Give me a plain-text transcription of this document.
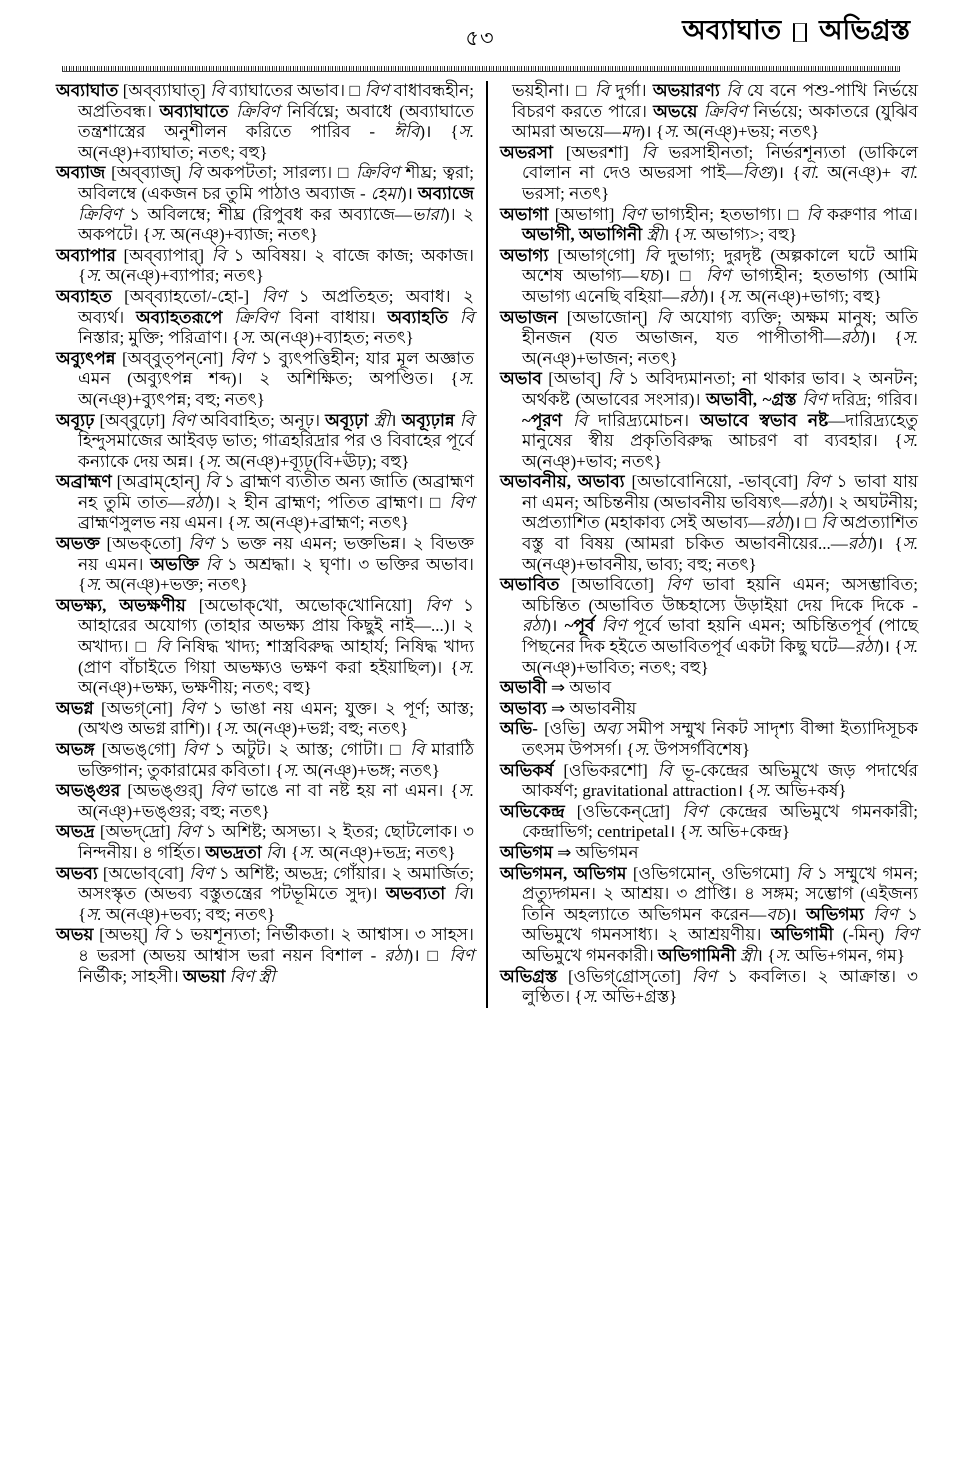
৫৩	অব্যাঘাত অভিগ্রস্ত
অব্যাঘাত [অব্‌ব্যাঘাত্] বি ব্যাঘাতের অভাব। □ বিণ বাধাবন্ধহীন; অপ্রতিবন্ধ। অব্যাঘাতে ক্রিবিণ নির্বিঘ্নে; অবাধে (অব্যাঘাতে তন্ত্রশাস্ত্রের অনুশীলন করিতে পারিব - ঈবি)। {স. অ(নঞ্)+ব্যাঘাত; নতৎ; বহু}
অব্যাজ [অব্‌ব্যাজ্] বি অকপটতা; সারল্য। □ ক্রিবিণ শীঘ্র; ত্বরা; অবিলম্বে (একজন চর তুমি পাঠাও অব্যাজ - হেমা)। অব্যাজে ক্রিবিণ ১ অবিলম্বে; শীঘ্র (রিপুবধ কর অব্যাজে—ভারা)। ২ অকপটে। {স. অ(নঞ্)+ব্যাজ; নতৎ}
অব্যাপার [অব্‌ব্যাপার্] বি ১ অবিষয়। ২ বাজে কাজ; অকাজ। {স. অ(নঞ্)+ব্যাপার; নতৎ}
অব্যাহত [অব্‌ব্যাহতো/-হো-] বিণ ১ অপ্রতিহত; অবাধ। ২ অব্যর্থ। অব্যাহতরূপে ক্রিবিণ বিনা বাধায়। অব্যাহতি বি নিস্তার; মুক্তি; পরিত্রাণ। {স. অ(নঞ্)+ব্যাহত; নতৎ}
অব্যুৎপন্ন [অব্‌বুত্‌পন্‌নো] বিণ ১ ব্যুৎপত্তিহীন; যার মূল অজ্ঞাত এমন (অব্যুৎপন্ন শব্দ)। ২ অশিক্ষিত; অপণ্ডিত। {স. অ(নঞ্)+ব্যুৎপন্ন; বহু; নতৎ}
অব্যূঢ় [অব্‌বুঢ়ো] বিণ অবিবাহিত; অনূঢ়। অব্যূঢ়া স্ত্রী। অব্যূঢ়ান্ন বি হিন্দুসমাজের আইবড় ভাত; গাত্রহরিদ্রার পর ও বিবাহের পূর্বে কন্যাকে দেয় অন্ন। {স. অ(নঞ্)+ব্যূঢ়(বি+ঊঢ়); বহু}
অব্রাহ্মণ [অব্রাম্‌হোন্] বি ১ ব্রাহ্মণ ব্যতীত অন্য জাতি (অব্রাহ্মণ নহ তুমি তাত—রঠা)। ২ হীন ব্রাহ্মণ; পতিত ব্রাহ্মণ। □ বিণ ব্রাহ্মণসুলভ নয় এমন। {স. অ(নঞ্)+ব্রাহ্মণ; নতৎ}
অভক্ত [অভক্‌তো] বিণ ১ ভক্ত নয় এমন; ভক্তভিন্ন। ২ বিভক্ত নয় এমন। অভক্তি বি ১ অশ্রদ্ধা। ২ ঘৃণা। ৩ ভক্তির অভাব। {স. অ(নঞ্)+ভক্ত; নতৎ}
অভক্ষ্য, অভক্ষণীয় [অভোক্‌খো, অভোক্‌খোনিয়ো] বিণ ১ আহারের অযোগ্য (তাহার অভক্ষ্য প্রায় কিছুই নাই—...)। ২ অখাদ্য। □ বি নিষিদ্ধ খাদ্য; শাস্ত্রবিরুদ্ধ আহার্য; নিষিদ্ধ খাদ্য (প্রাণ বাঁচাইতে গিয়া অভক্ষ্যও ভক্ষণ করা হইয়াছিল)। {স. অ(নঞ্)+ভক্ষ্য, ভক্ষণীয়; নতৎ; বহু}
অভগ্ন [অভগ্‌নো] বিণ ১ ভাঙা নয় এমন; যুক্ত। ২ পূর্ণ; আস্ত; (অখণ্ড অভগ্ন রাশি)। {স. অ(নঞ্)+ভগ্ন; বহু; নতৎ}
অভঙ্গ [অভঙ্‌গো] বিণ ১ অটুট। ২ আস্ত; গোটা। □ বি মারাঠি ভক্তিগান; তুকারামের কবিতা। {স. অ(নঞ্)+ভঙ্গ; নতৎ}
অভঙ্গুর [অভঙ্‌গুর্] বিণ ভাঙে না বা নষ্ট হয় না এমন। {স. অ(নঞ্)+ভঙ্গুর; বহু; নতৎ}
অভদ্র [অভদ্‌দ্রো] বিণ ১ অশিষ্ট; অসভ্য। ২ ইতর; ছোটলোক। ৩ নিন্দনীয়। ৪ গর্হিত। অভদ্রতা বি। {স. অ(নঞ্)+ভদ্র; নতৎ}
অভব্য [অভোব্‌বো] বিণ ১ অশিষ্ট; অভদ্র; গোঁয়ার। ২ অমার্জিত; অসংস্কৃত (অভব্য বস্তুতন্ত্রের পটভূমিতে সুদ)। অভব্যতা বি। {স. অ(নঞ্)+ভব্য; বহু; নতৎ}
অভয় [অভয়্] বি ১ ভয়শূন্যতা; নির্ভীকতা। ২ আশ্বাস। ৩ সাহস। ৪ ভরসা (অভয় আশ্বাস ভরা নয়ন বিশাল - রঠা)। □ বিণ নির্ভীক; সাহসী। অভয়া বিণ স্ত্রী
ভয়হীনা। □ বি দুর্গা। অভয়ারণ্য বি যে বনে পশু-পাখি নির্ভয়ে বিচরণ করতে পারে। অভয়ে ক্রিবিণ নির্ভয়ে; অকাতরে (যুঝিব আমরা অভয়ে—মদ)। {স. অ(নঞ্)+ভয়; নতৎ}
অভরসা [অভরশা] বি ভরসাহীনতা; নির্ভরশূন্যতা (ডাকিলে বোলান না দেও অভরসা পাই—বিগু)। {বা. অ(নঞ্)+ বা. ভরসা; নতৎ}
অভাগা [অভাগা] বিণ ভাগ্যহীন; হতভাগ্য। □ বি করুণার পাত্র। অভাগী, অভাগিনী স্ত্রী। {স. অভাগ্য>; বহু}
অভাগ্য [অভাগ্‌গো] বি দুভাগ্য; দুরদৃষ্ট (অল্পকালে ঘটে আমি অশেষ অভাগ্য—ঘচ)। □ বিণ ভাগ্যহীন; হতভাগ্য (আমি অভাগ্য এনেছি বহিয়া—রঠা)। {স. অ(নঞ্)+ভাগ্য; বহু}
অভাজন [অভাজোন্] বি অযোগ্য ব্যক্তি; অক্ষম মানুষ; অতি হীনজন (যত অভাজন, যত পাপীতাপী—রঠা)। {স. অ(নঞ্)+ভাজন; নতৎ}
অভাব [অভাব্] বি ১ অবিদ্যমানতা; না থাকার ভাব। ২ অনটন; অর্থকষ্ট (অভাবের সংসার)। অভাবী, ~গ্রস্ত বিণ দরিদ্র; গরিব। ~পূরণ বি দারিদ্র্যমোচন। অভাবে স্বভাব নষ্ট—দারিদ্র্যহেতু মানুষের স্বীয় প্রকৃতিবিরুদ্ধ আচরণ বা ব্যবহার। {স. অ(নঞ্)+ভাব; নতৎ}
অভাবনীয়, অভাব্য [অভাবোনিয়ো, -ভাব্‌বো] বিণ ১ ভাবা যায় না এমন; অচিন্তনীয় (অভাবনীয় ভবিষ্যৎ—রঠা)। ২ অঘটনীয়; অপ্রত্যাশিত (মহাকাব্য সেই অভাব্য—রঠা)। □ বি অপ্রত্যাশিত বস্তু বা বিষয় (আমরা চকিত অভাবনীয়ের...—রঠা)। {স. অ(নঞ্)+ভাবনীয়, ভাব্য; বহু; নতৎ}
অভাবিত [অভাবিতো] বিণ ভাবা হয়নি এমন; অসম্ভাবিত; অচিন্তিত (অভাবিত উচ্চহাস্যে উড়াইয়া দেয় দিকে দিকে - রঠা)। ~পূর্ব বিণ পূর্বে ভাবা হয়নি এমন; অচিন্তিতপূর্ব (পাছে পিছনের দিক হইতে অভাবিতপূর্ব একটা কিছু ঘটে—রঠা)। {স. অ(নঞ্)+ভাবিত; নতৎ; বহু}
অভাবী ⇒ অভাব
অভাব্য ⇒ অভাবনীয়
অভি- [ওভি] অব্য সমীপ সম্মুখ নিকট সাদৃশ্য বীপ্সা ইত্যাদিসূচক তৎসম উপসর্গ। {স. উপসর্গবিশেষ}
অভিকর্ষ [ওভিকরশো] বি ভূ-কেন্দ্রের অভিমুখে জড় পদার্থের আকর্ষণ; gravitational attraction। {স. অভি+কর্ষ}
অভিকেন্দ্র [ওভিকেন্‌দ্রো] বিণ কেন্দ্রের অভিমুখে গমনকারী; কেন্দ্রাভিগ; centripetal। {স. অভি+কেন্দ্র}
অভিগম ⇒ অভিগমন
অভিগমন, অভিগম [ওভিগমোন্, ওভিগমো] বি ১ সম্মুখে গমন; প্রত্যুদ্গমন। ২ আশ্রয়। ৩ প্রাপ্তি। ৪ সঙ্গম; সম্ভোগ (এইজন্য তিনি অহল্যাতে অভিগমন করেন—বচ)। অভিগম্য বিণ ১ অভিমুখে গমনসাধ্য। ২ আশ্রয়ণীয়। অভিগামী (-মিন্) বিণ অভিমুখে গমনকারী। অভিগামিনী স্ত্রী। {স. অভি+গমন, গম}
অভিগ্রস্ত [ওভিগ্‌গ্রোস্‌তো] বিণ ১ কবলিত। ২ আক্রান্ত। ৩ লুণ্ঠিত। {স. অভি+গ্রস্ত}
